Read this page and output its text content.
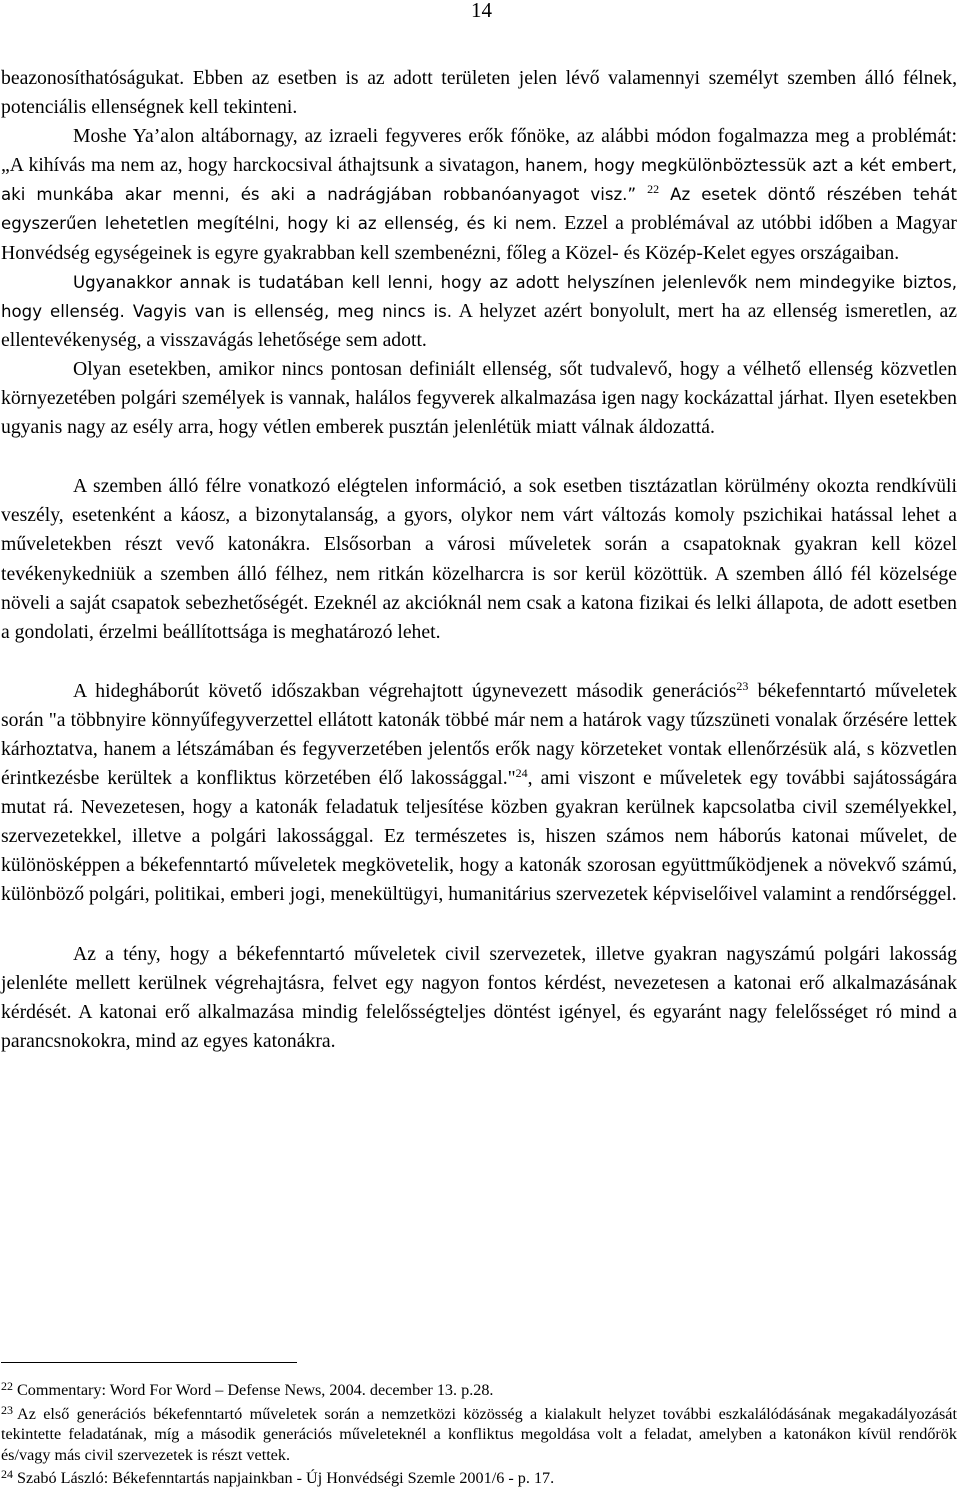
14

beazonosíthatóságukat. Ebben az esetben is az adott területen jelen lévő valamennyi személyt szemben álló félnek, potenciális ellenségnek kell tekinteni.

Moshe Ya’alon altábornagy, az izraeli fegyveres erők főnöke, az alábbi módon fogalmazza meg a problémát: „A kihívás ma nem az, hogy harckocsival áthajtsunk a sivatagon, hanem, hogy megkülönböztessük azt a két embert, aki munkába akar menni, és aki a nadrágjában robbanóanyagot visz.” $^{22}$ Az esetek döntő részében tehát egyszerűen lehetetlen megítélni, hogy ki az ellenség, és ki nem. Ezzel a problémával az utóbbi időben a Magyar Honvédség egységeinek is egyre gyakrabban kell szembenézni, főleg a Közel- és Közép-Kelet egyes országaiban.

Ugyanakkor annak is tudatában kell lenni, hogy az adott helyszínen jelenlevők nem mindegyike biztos, hogy ellenség. Vagyis van is ellenség, meg nincs is. A helyzet azért bonyolult, mert ha az ellenség ismeretlen, az ellentevékenység, a visszavágás lehetősége sem adott.

Olyan esetekben, amikor nincs pontosan definiált ellenség, sőt tudvalevő, hogy a vélhető ellenség közvetlen környezetében polgári személyek is vannak, halálos fegyverek alkalmazása igen nagy kockázattal járhat. Ilyen esetekben ugyanis nagy az esély arra, hogy vétlen emberek pusztán jelenlétük miatt válnak áldozattá.

A szemben álló félre vonatkozó elégtelen információ, a sok esetben tisztázatlan körülmény okozta rendkívüli veszély, esetenként a káosz, a bizonytalanság, a gyors, olykor nem várt változás komoly pszichikai hatással lehet a műveletekben részt vevő katonákra. Elsősorban a városi műveletek során a csapatoknak gyakran kell közel tevékenykedniük a szemben álló félhez, nem ritkán közelharcra is sor kerül közöttük. A szemben álló fél közelsége növeli a saját csapatok sebezhetőségét. Ezeknél az akcióknál nem csak a katona fizikai és lelki állapota, de adott esetben a gondolati, érzelmi beállítottsága is meghatározó lehet.

A hidegháborút követő időszakban végrehajtott úgynevezett második generációs$^{23}$ békefenntartó műveletek során "a többnyire könnyűfegyverzettel ellátott katonák többé már nem a határok vagy tűzszüneti vonalak őrzésére lettek kárhoztatva, hanem a létszámában és fegyverzetében jelentős erők nagy körzeteket vontak ellenőrzésük alá, s közvetlen érintkezésbe kerültek a konfliktus körzetében élő lakossággal."$^{24}$, ami viszont e műveletek egy további sajátosságára mutat rá. Nevezetesen, hogy a katonák feladatuk teljesítése közben gyakran kerülnek kapcsolatba civil személyekkel, szervezetekkel, illetve a polgári lakossággal. Ez természetes is, hiszen számos nem háborús katonai művelet, de különösképpen a békefenntartó műveletek megkövetelik, hogy a katonák szorosan együttműködjenek a növekvő számú, különböző polgári, politikai, emberi jogi, menekültügyi, humanitárius szervezetek képviselőivel valamint a rendőrséggel.

Az a tény, hogy a békefenntartó műveletek civil szervezetek, illetve gyakran nagyszámú polgári lakosság jelenléte mellett kerülnek végrehajtásra, felvet egy nagyon fontos kérdést, nevezetesen a katonai erő alkalmazásának kérdését. A katonai erő alkalmazása mindig felelősségteljes döntést igényel, és egyaránt nagy felelősséget ró mind a parancsnokokra, mind az egyes katonákra.

$^{22}$ Commentary: Word For Word – Defense News, 2004. december 13. p.28.

$^{23}$ Az első generációs békefenntartó műveletek során a nemzetközi közösség a kialakult helyzet további eszkalálódásának megakadályozását tekintette feladatának, míg a második generációs műveleteknél a konfliktus megoldása volt a feladat, amelyben a katonákon kívül rendőrök és/vagy más civil szervezetek is részt vettek.

$^{24}$ Szabó László: Békefenntartás napjainkban - Új Honvédségi Szemle 2001/6 - p. 17.
